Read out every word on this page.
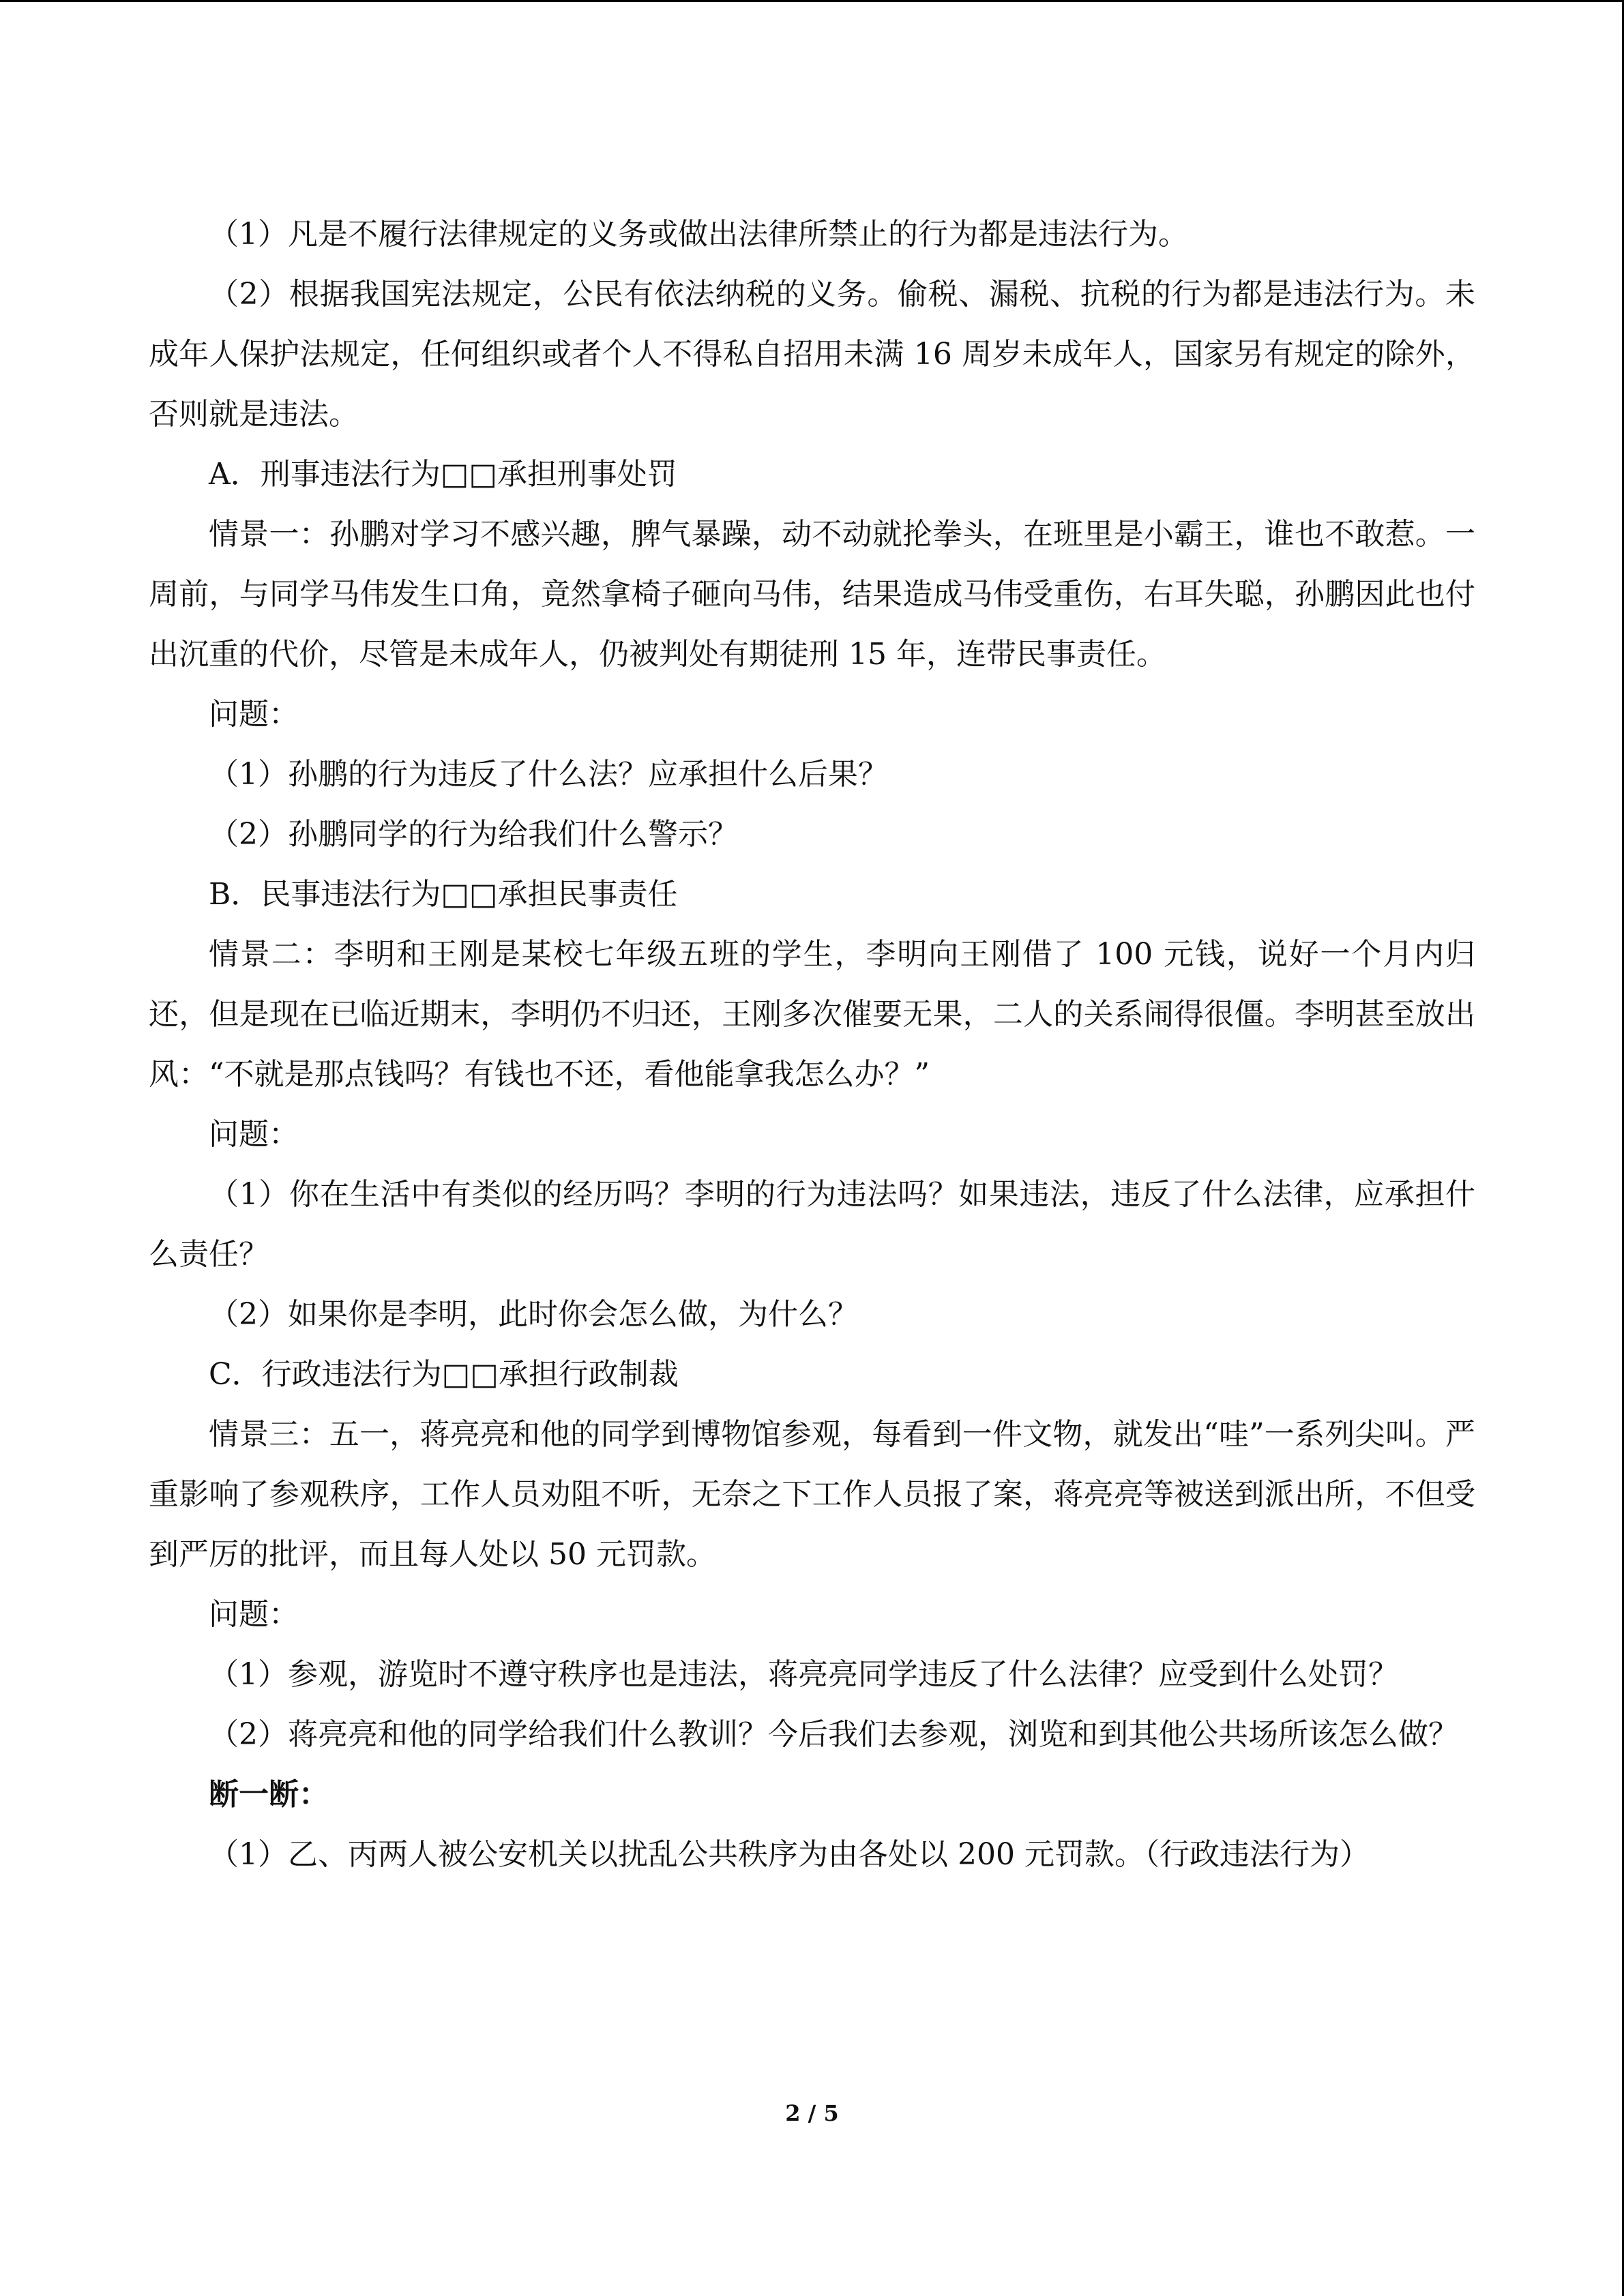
（1）凡是不履行法律规定的义务或做出法律所禁止的行为都是违法行为。

（2）根据我国宪法规定，公民有依法纳税的义务。偷税、漏税、抗税的行为都是违法行为。未成年人保护法规定，任何组织或者个人不得私自招用未满 16 周岁未成年人，国家另有规定的除外，否则就是违法。

A．刑事违法行为□□承担刑事处罚

情景一：孙鹏对学习不感兴趣，脾气暴躁，动不动就抡拳头，在班里是小霸王，谁也不敢惹。一周前，与同学马伟发生口角，竟然拿椅子砸向马伟，结果造成马伟受重伤，右耳失聪，孙鹏因此也付出沉重的代价，尽管是未成年人，仍被判处有期徒刑 15 年，连带民事责任。

问题：

（1）孙鹏的行为违反了什么法？应承担什么后果？

（2）孙鹏同学的行为给我们什么警示？

B．民事违法行为□□承担民事责任

情景二：李明和王刚是某校七年级五班的学生，李明向王刚借了 100 元钱，说好一个月内归还，但是现在已临近期末，李明仍不归还，王刚多次催要无果，二人的关系闹得很僵。李明甚至放出风：“不就是那点钱吗？有钱也不还，看他能拿我怎么办？”

问题：

（1）你在生活中有类似的经历吗？李明的行为违法吗？如果违法，违反了什么法律，应承担什么责任？

（2）如果你是李明，此时你会怎么做，为什么？

C．行政违法行为□□承担行政制裁

情景三：五一，蒋亮亮和他的同学到博物馆参观，每看到一件文物，就发出“哇”一系列尖叫。严重影响了参观秩序，工作人员劝阻不听，无奈之下工作人员报了案，蒋亮亮等被送到派出所，不但受到严厉的批评，而且每人处以 50 元罚款。

问题：

（1）参观，游览时不遵守秩序也是违法，蒋亮亮同学违反了什么法律？应受到什么处罚？

（2）蒋亮亮和他的同学给我们什么教训？今后我们去参观，浏览和到其他公共场所该怎么做？

断一断：

（1）乙、丙两人被公安机关以扰乱公共秩序为由各处以 200 元罚款。（行政违法行为）

2 / 5
